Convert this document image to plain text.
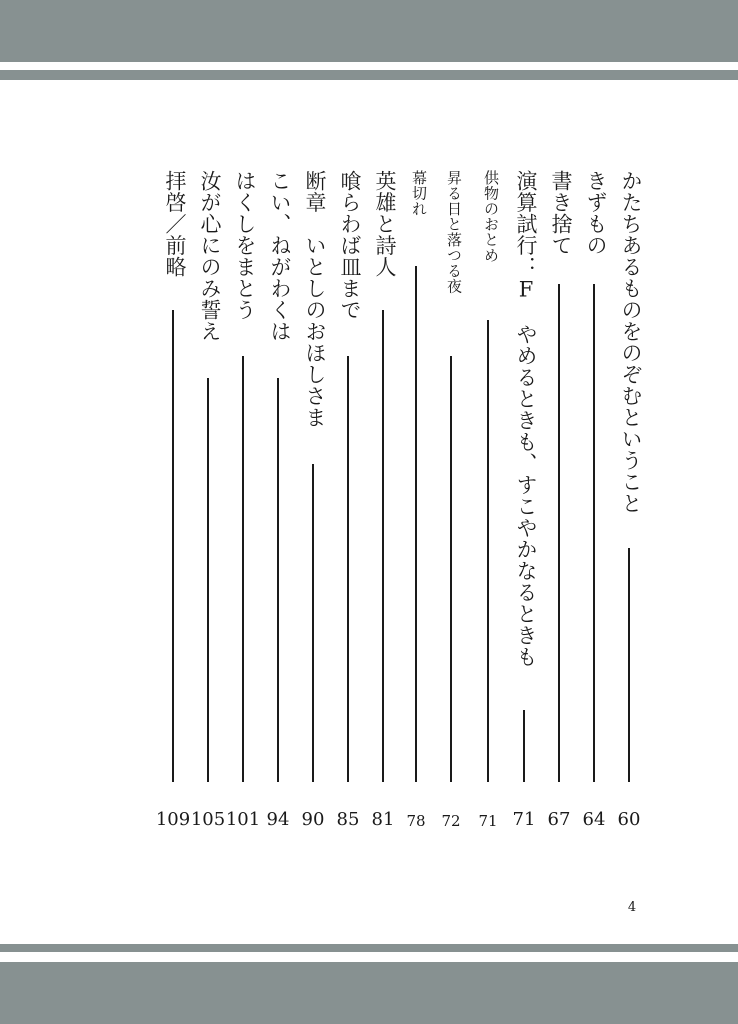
かたちあるものをのぞむということ
60
きずもの
64
書き捨て
67
演算試行：F　やめるときも、すこやかなるときも
71
供物のおとめ
71
昇る日と落つる夜
72
幕切れ
78
英雄と詩人
81
喰らわば皿まで
85
断章　いとしのおほしさま
90
こい、ねがわくは
94
はくしをまとう
101
汝が心にのみ誓え
105
拝啓／前略
109
4
